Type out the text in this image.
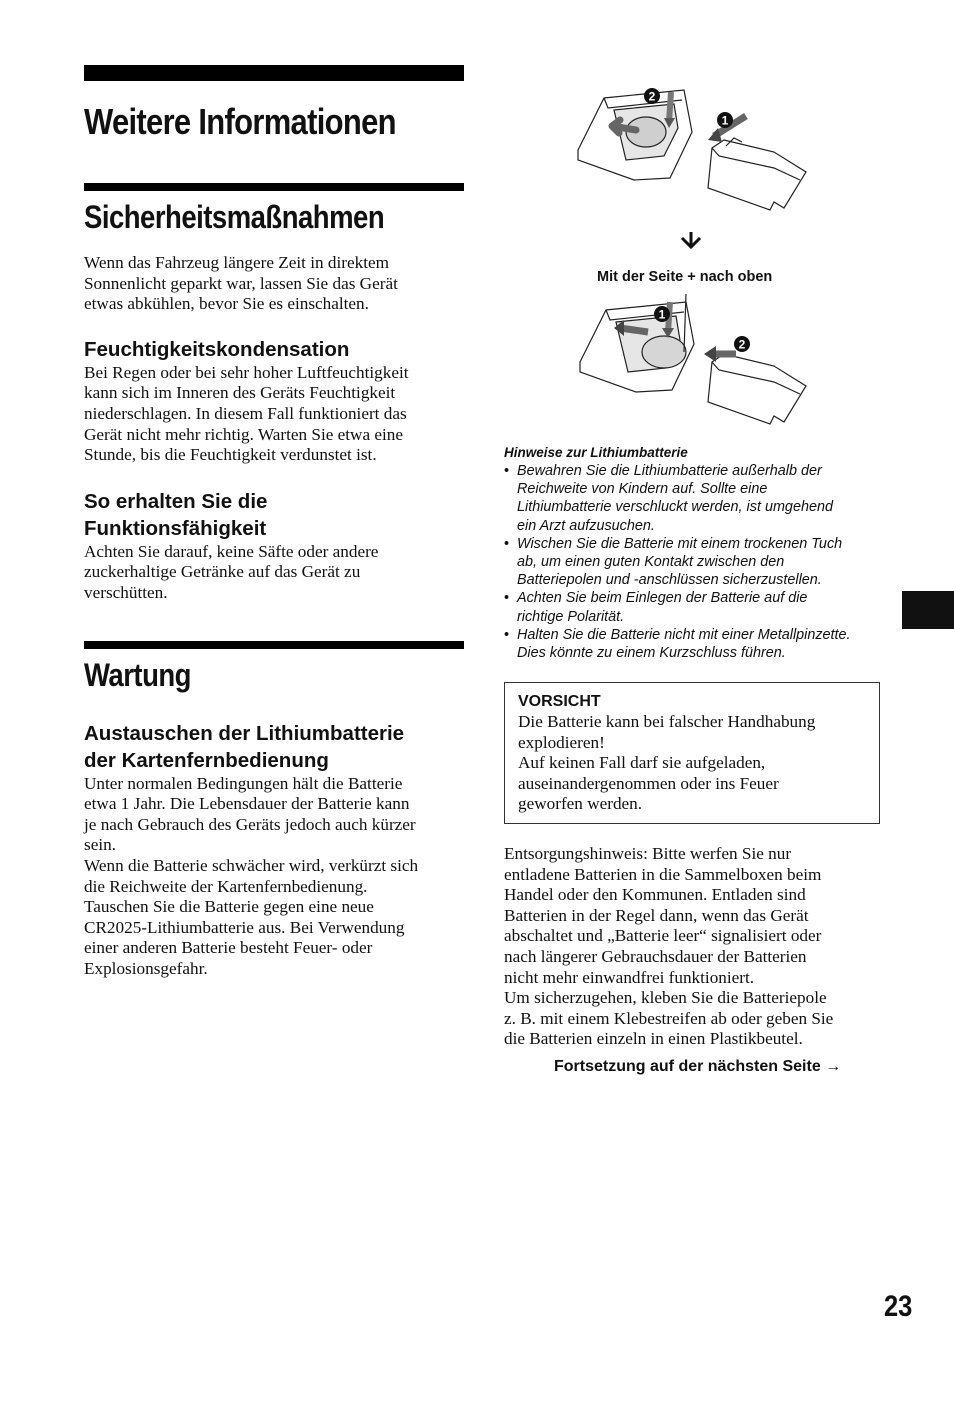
Weitere Informationen
Sicherheitsmaßnahmen

Wenn das Fahrzeug längere Zeit in direktem

Sonnenlicht geparkt war, lassen Sie das Gerät

etwas abkühlen, bevor Sie es einschalten.

Feuchtigkeitskondensation

Bei Regen oder bei sehr hoher Luftfeuchtigkeit

kann sich im Inneren des Geräts Feuchtigkeit

niederschlagen. In diesem Fall funktioniert das

Gerät nicht mehr richtig. Warten Sie etwa eine

Stunde, bis die Feuchtigkeit verdunstet ist.

So erhalten Sie die
Funktionsfähigkeit

Achten Sie darauf, keine Säfte oder andere

zuckerhaltige Getränke auf das Gerät zu

verschütten.

Wartung
Austauschen der Lithiumbatterie
der Kartenfernbedienung

Unter normalen Bedingungen hält die Batterie

etwa 1 Jahr. Die Lebensdauer der Batterie kann

je nach Gebrauch des Geräts jedoch auch kürzer

sein.

Wenn die Batterie schwächer wird, verkürzt sich

die Reichweite der Kartenfernbedienung.

Tauschen Sie die Batterie gegen eine neue

CR2025-Lithiumbatterie aus. Bei Verwendung

einer anderen Batterie besteht Feuer- oder

Explosionsgefahr.

2
1
Mit der Seite + nach oben
1
2
Hinweise zur Lithiumbatterie
• Bewahren Sie die Lithiumbatterie außerhalb der
Reichweite von Kindern auf. Sollte eine
Lithiumbatterie verschluckt werden, ist umgehend
ein Arzt aufzusuchen.
• Wischen Sie die Batterie mit einem trockenen Tuch
ab, um einen guten Kontakt zwischen den
Batteriepolen und -anschlüssen sicherzustellen.
• Achten Sie beim Einlegen der Batterie auf die
richtige Polarität.
• Halten Sie die Batterie nicht mit einer Metallpinzette.
Dies könnte zu einem Kurzschluss führen.
VORSICHT

Die Batterie kann bei falscher Handhabung

explodieren!

Auf keinen Fall darf sie aufgeladen,

auseinandergenommen oder ins Feuer

geworfen werden.

Entsorgungshinweis: Bitte werfen Sie nur

entladene Batterien in die Sammelboxen beim

Handel oder den Kommunen. Entladen sind

Batterien in der Regel dann, wenn das Gerät

abschaltet und „Batterie leer“ signalisiert oder

nach längerer Gebrauchsdauer der Batterien

nicht mehr einwandfrei funktioniert.

Um sicherzugehen, kleben Sie die Batteriepole

z. B. mit einem Klebestreifen ab oder geben Sie

die Batterien einzeln in einen Plastikbeutel.

Fortsetzung auf der nächsten Seite →
23
